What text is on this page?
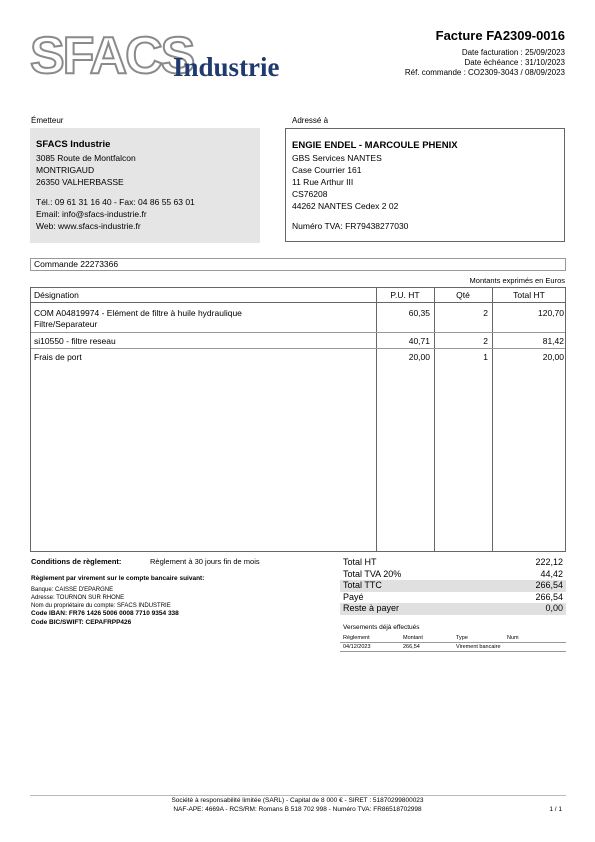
SFACS
Industrie
Facture FA2309-0016
Date facturation : 25/09/2023
Date échéance : 31/10/2023
Réf. commande : CO2309-3043 / 08/09/2023
Émetteur
SFACS Industrie
3085 Route de Montfalcon
MONTRIGAUD
26350 VALHERBASSE
Tél.: 09 61 31 16 40 - Fax: 04 86 55 63 01
Email: info@sfacs-industrie.fr
Web: www.sfacs-industrie.fr
Adressé à
ENGIE ENDEL - MARCOULE PHENIX
GBS Services NANTES
Case Courrier 161
11 Rue Arthur III
CS76208
44262 NANTES Cedex 2 02
Numéro TVA: FR79438277030
Commande 22273366
Montants exprimés en Euros
Désignation	P.U. HT	Qté	Total HT
COM A04819974 - Elément de filtre à huile hydraulique
Filtre/Separateur
60,35	2	120,70
si10550 - filtre reseau	40,71	2	81,42
Frais de port	20,00	1	20,00
Conditions de règlement:	Règlement à 30 jours fin de mois
Règlement par virement sur le compte bancaire suivant:
Banque: CAISSE D'EPARGNE
Adresse: TOURNON SUR RHONE
Nom du propriétaire du compte: SFACS INDUSTRIE
Code IBAN: FR76 1426 5006 0008 7710 9354 338
Code BIC/SWIFT: CEPAFRPP426
Total HT	222,12
Total TVA 20%	44,42
Total TTC	266,54
Payé	266,54
Reste à payer	0,00
Versements déjà effectués
Règlement	Montant	Type	Num
04/12/2023	266,54	Virement bancaire
Société à responsabilité limitée (SARL) - Capital de 8 000 € - SIRET : 51870299800023
NAF-APE: 4669A - RCS/RM: Romans B 518 702 998 - Numéro TVA: FR86518702998	1 / 1
